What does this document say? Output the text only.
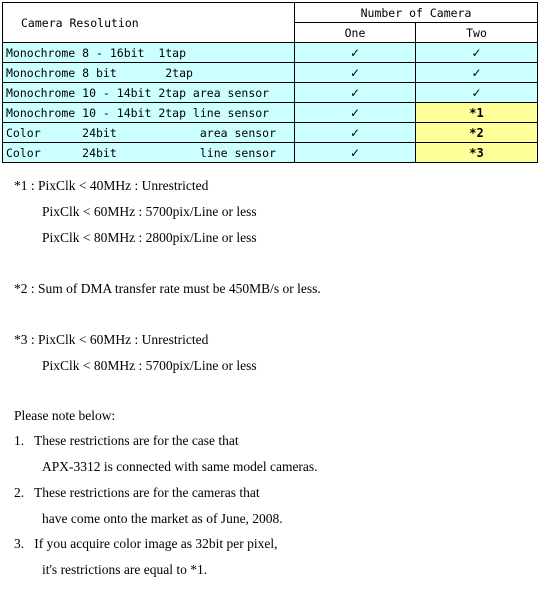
Camera Resolution	Number of Camera	
	One	Two
Monochrome 8 - 16bit  1tap	✓	✓
Monochrome 8 bit       2tap	✓	✓
Monochrome 10 - 14bit 2tap area sensor	✓	✓
Monochrome 10 - 14bit 2tap line sensor	✓	*1
Color      24bit            area sensor	✓	*2
Color      24bit            line sensor	✓	*3
*1 : PixClk < 40MHz : Unrestricted
PixClk < 60MHz : 5700pix/Line or less
PixClk < 80MHz : 2800pix/Line or less
*2 : Sum of DMA transfer rate must be 450MB/s or less.
*3 : PixClk < 60MHz : Unrestricted
PixClk < 80MHz : 5700pix/Line or less
Please note below:
1.   These restrictions are for the case that
APX-3312 is connected with same model cameras.
2.   These restrictions are for the cameras that
have come onto the market as of June, 2008.
3.   If you acquire color image as 32bit per pixel,
it's restrictions are equal to *1.
